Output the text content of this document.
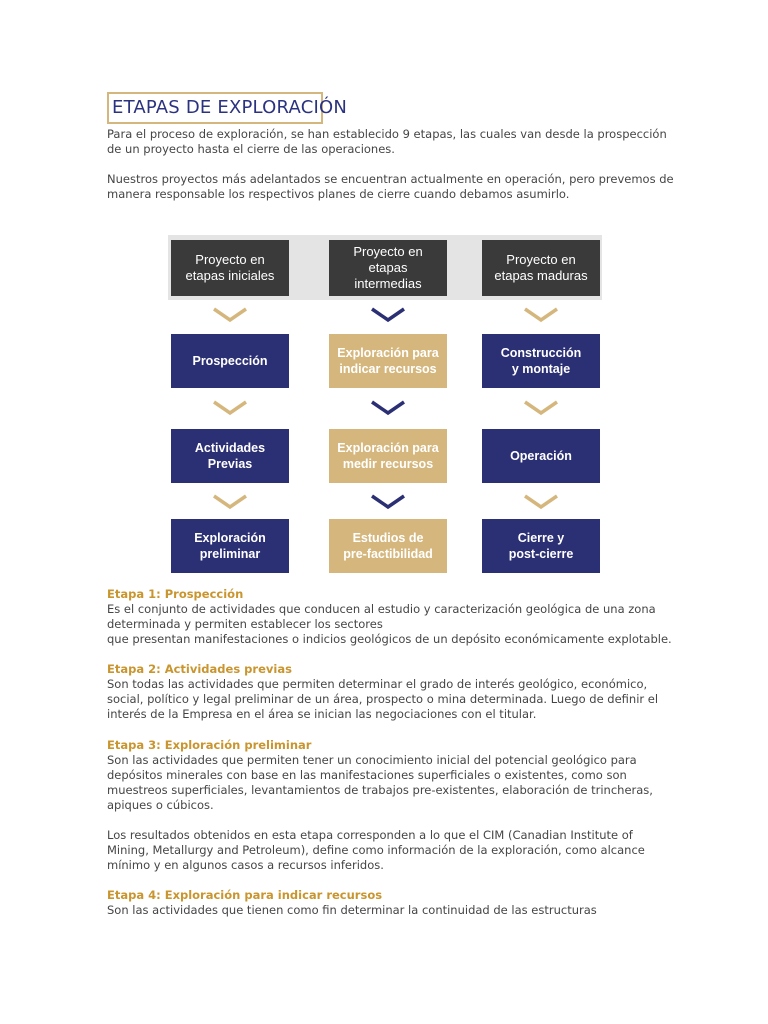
ETAPAS DE EXPLORACIÓN
Para el proceso de exploración, se han establecido 9 etapas, las cuales van desde la prospección
de un proyecto hasta el cierre de las operaciones.
Nuestros proyectos más adelantados se encuentran actualmente en operación, pero prevemos de
manera responsable los respectivos planes de cierre cuando debamos asumirlo.
Proyecto en
etapas iniciales
Proyecto en etapas
intermedias
Proyecto en
etapas maduras
Prospección
Exploración para
indicar recursos
Construcción
y montaje
Actividades
Previas
Exploración para
medir recursos
Operación
Exploración
preliminar
Estudios de
pre-factibilidad
Cierre y
post-cierre
Etapa 1: Prospección
Es el conjunto de actividades que conducen al estudio y caracterización geológica de una zona
determinada y permiten establecer los sectores
que presentan manifestaciones o indicios geológicos de un depósito económicamente explotable.
Etapa 2: Actividades previas
Son todas las actividades que permiten determinar el grado de interés geológico, económico,
social, político y legal preliminar de un área, prospecto o mina determinada. Luego de definir el
interés de la Empresa en el área se inician las negociaciones con el titular.
Etapa 3: Exploración preliminar
Son las actividades que permiten tener un conocimiento inicial del potencial geológico para
depósitos minerales con base en las manifestaciones superficiales o existentes, como son
muestreos superficiales, levantamientos de trabajos pre-existentes, elaboración de trincheras,
apiques o cúbicos.
Los resultados obtenidos en esta etapa corresponden a lo que el CIM (Canadian Institute of
Mining, Metallurgy and Petroleum), define como información de la exploración, como alcance
mínimo y en algunos casos a recursos inferidos.
Etapa 4: Exploración para indicar recursos
Son las actividades que tienen como fin determinar la continuidad de las estructuras
